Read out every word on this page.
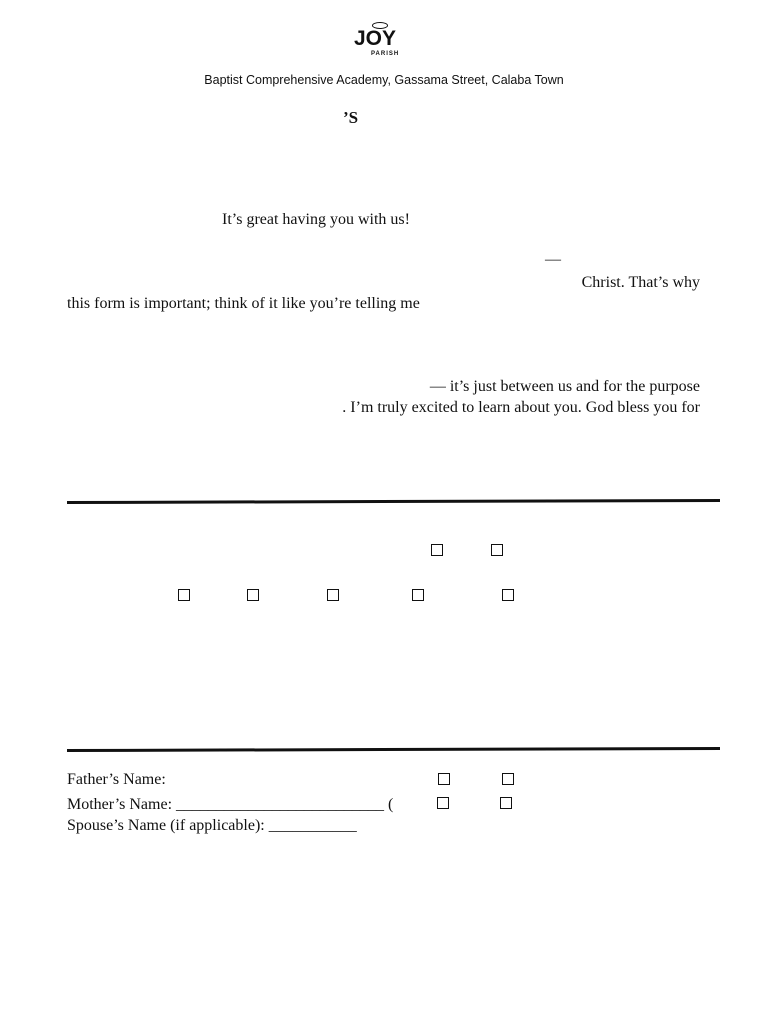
JOY
PARISH
Baptist Comprehensive Academy, Gassama Street, Calaba Town
’S
It’s great having you with us!
—
Christ. That’s why
this form is important; think of it like you’re telling me
— it’s just between us and for the purpose
. I’m truly excited to learn about you. God bless you for
Father’s Name:
Mother’s Name: __________________________ (
Spouse’s Name (if applicable): ___________
